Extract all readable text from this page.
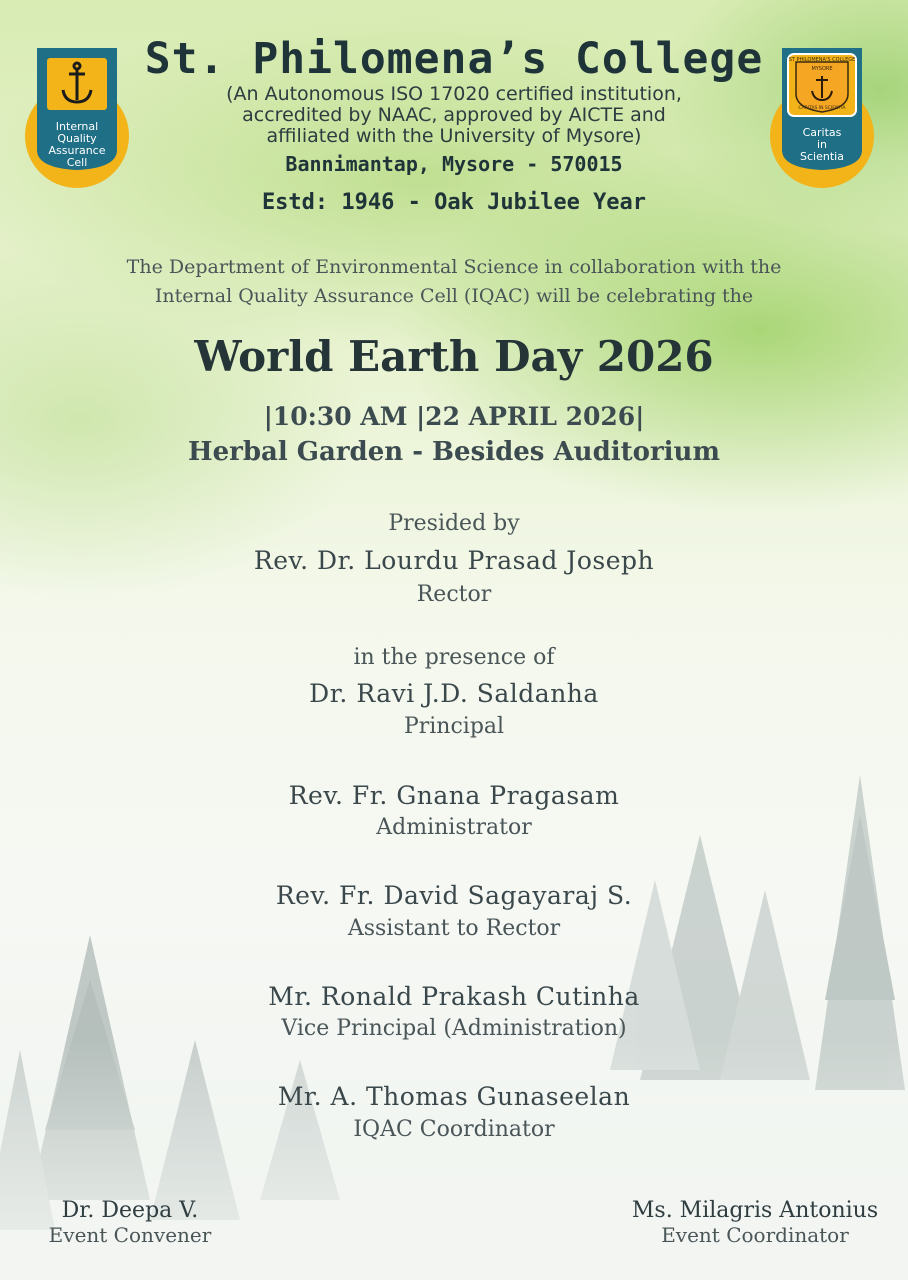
Internal
Quality
Assurance
Cell
ST PHILOMENA'S COLLEGE
MYSORE
CARITAS IN SCIENTIA
Caritas
in
Scientia
St. Philomena’s College
(An Autonomous ISO 17020 certified institution,
accredited by NAAC, approved by AICTE and
affiliated with the University of Mysore)
Bannimantap, Mysore - 570015
Estd: 1946 - Oak Jubilee Year
The Department of Environmental Science in collaboration with the
Internal Quality Assurance Cell (IQAC) will be celebrating the
World Earth Day 2026
|10:30 AM |22 APRIL 2026|
Herbal Garden - Besides Auditorium
Presided by
Rev. Dr. Lourdu Prasad Joseph
Rector
in the presence of
Dr. Ravi J.D. Saldanha
Principal
Rev. Fr. Gnana Pragasam
Administrator
Rev. Fr. David Sagayaraj S.
Assistant to Rector
Mr. Ronald Prakash Cutinha
Vice Principal (Administration)
Mr. A. Thomas Gunaseelan
IQAC Coordinator
Dr. Deepa V.
Event Convener
Ms. Milagris Antonius
Event Coordinator
